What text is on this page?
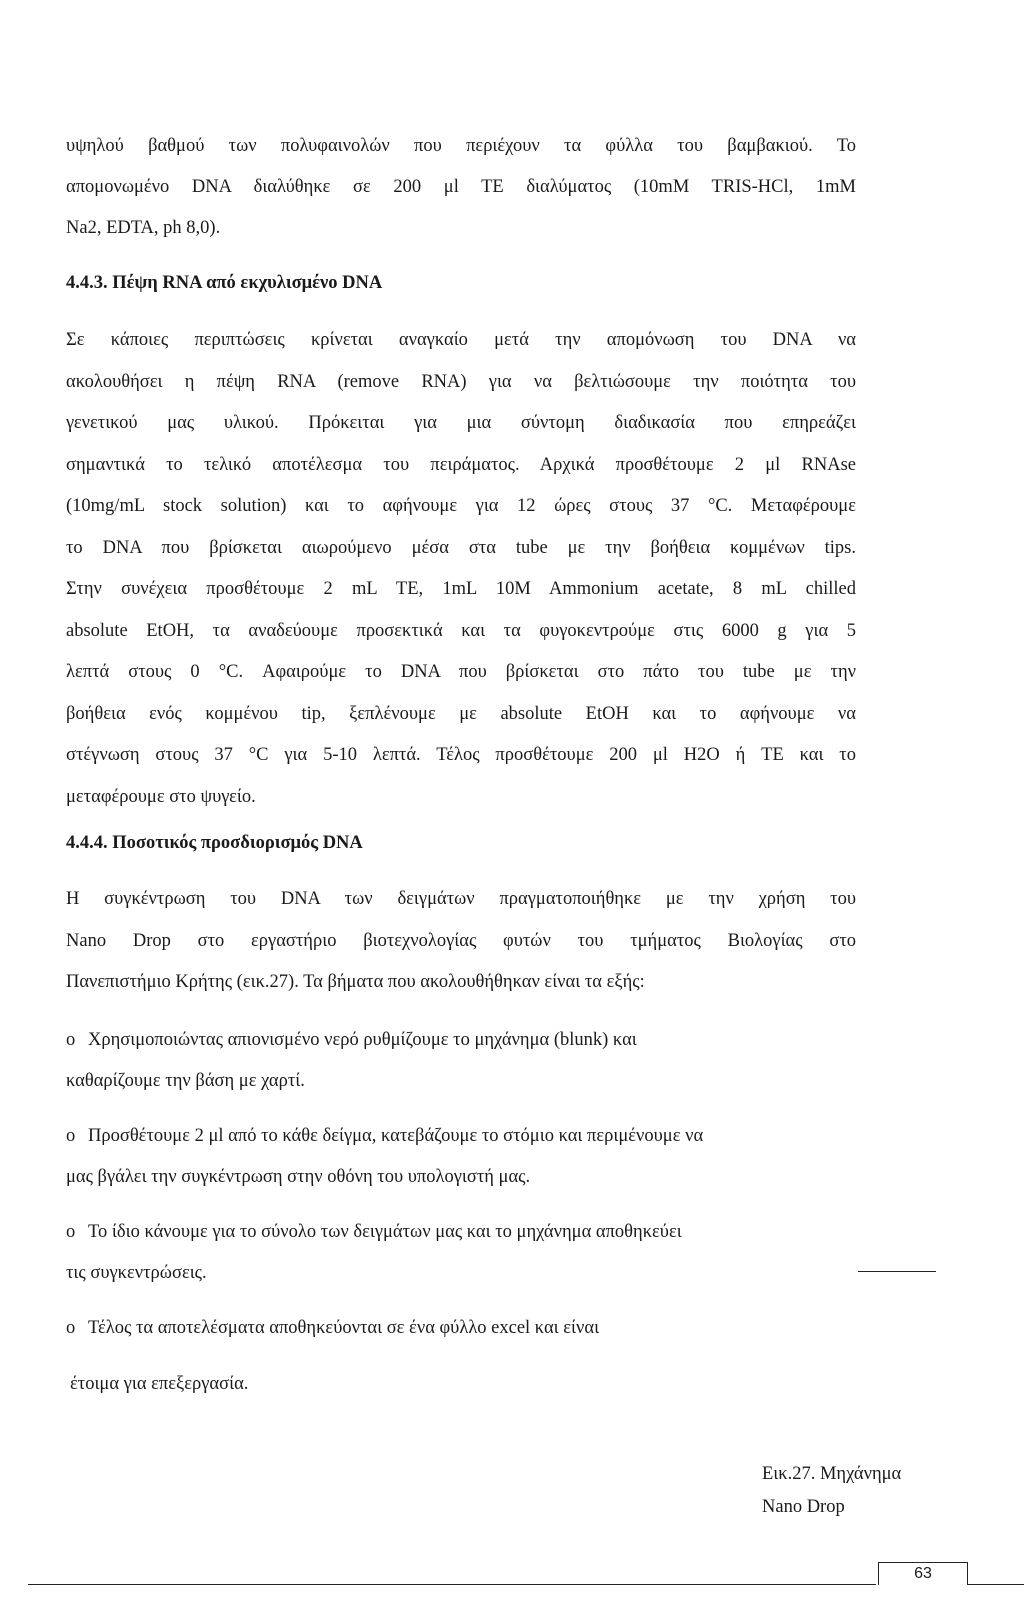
υψηλού βαθμού των πολυφαινολών που περιέχουν τα φύλλα του βαμβακιού. Το
απομονωμένο DNA διαλύθηκε σε 200 μl TE διαλύματος (10mM TRIS-HCl, 1mM
Na2, EDTA, ph 8,0).
4.4.3. Πέψη RNA από εκχυλισμένο DNA
Σε κάποιες περιπτώσεις κρίνεται αναγκαίο μετά την απομόνωση του DNA να
ακολουθήσει η πέψη RNA (remove RNA) για να βελτιώσουμε την ποιότητα του
γενετικού μας υλικού. Πρόκειται για μια σύντομη διαδικασία που επηρεάζει
σημαντικά το τελικό αποτέλεσμα του πειράματος. Αρχικά προσθέτουμε 2 μl RNAse
(10mg/mL stock solution) και το αφήνουμε για 12 ώρες στους 37 °C. Μεταφέρουμε
το DNA που βρίσκεται αιωρούμενο μέσα στα tube με την βοήθεια κομμένων tips.
Στην συνέχεια προσθέτουμε 2 mL TE, 1mL 10M Ammonium acetate, 8 mL chilled
absolute EtOH, τα αναδεύουμε προσεκτικά και τα φυγοκεντρούμε στις 6000 g για 5
λεπτά στους 0 °C. Αφαιρούμε το DNA που βρίσκεται στο πάτο του tube με την
βοήθεια ενός κομμένου tip, ξεπλένουμε με absolute EtOH και το αφήνουμε να
στέγνωση στους 37 °C για 5-10 λεπτά. Τέλος προσθέτουμε 200 μl H2O ή TE και το
μεταφέρουμε στο ψυγείο.
4.4.4. Ποσοτικός προσδιορισμός DNA
Η συγκέντρωση του DNA των δειγμάτων πραγματοποιήθηκε με την χρήση του
Nano Drop στο εργαστήριο βιοτεχνολογίας φυτών του τμήματος Βιολογίας στο
Πανεπιστήμιο Κρήτης (εικ.27). Τα βήματα που ακολουθήθηκαν είναι τα εξής:
o Χρησιμοποιώντας απιονισμένο νερό ρυθμίζουμε το μηχάνημα (blunk) και
καθαρίζουμε την βάση με χαρτί.
o Προσθέτουμε 2 μl από το κάθε δείγμα, κατεβάζουμε το στόμιο και περιμένουμε να
μας βγάλει την συγκέντρωση στην οθόνη του υπολογιστή μας.
o Το ίδιο κάνουμε για το σύνολο των δειγμάτων μας και το μηχάνημα αποθηκεύει
τις συγκεντρώσεις.
o Τέλος τα αποτελέσματα αποθηκεύονται σε ένα φύλλο excel και είναι
έτοιμα για επεξεργασία.
Εικ.27. Μηχάνημα
Nano Drop
63
